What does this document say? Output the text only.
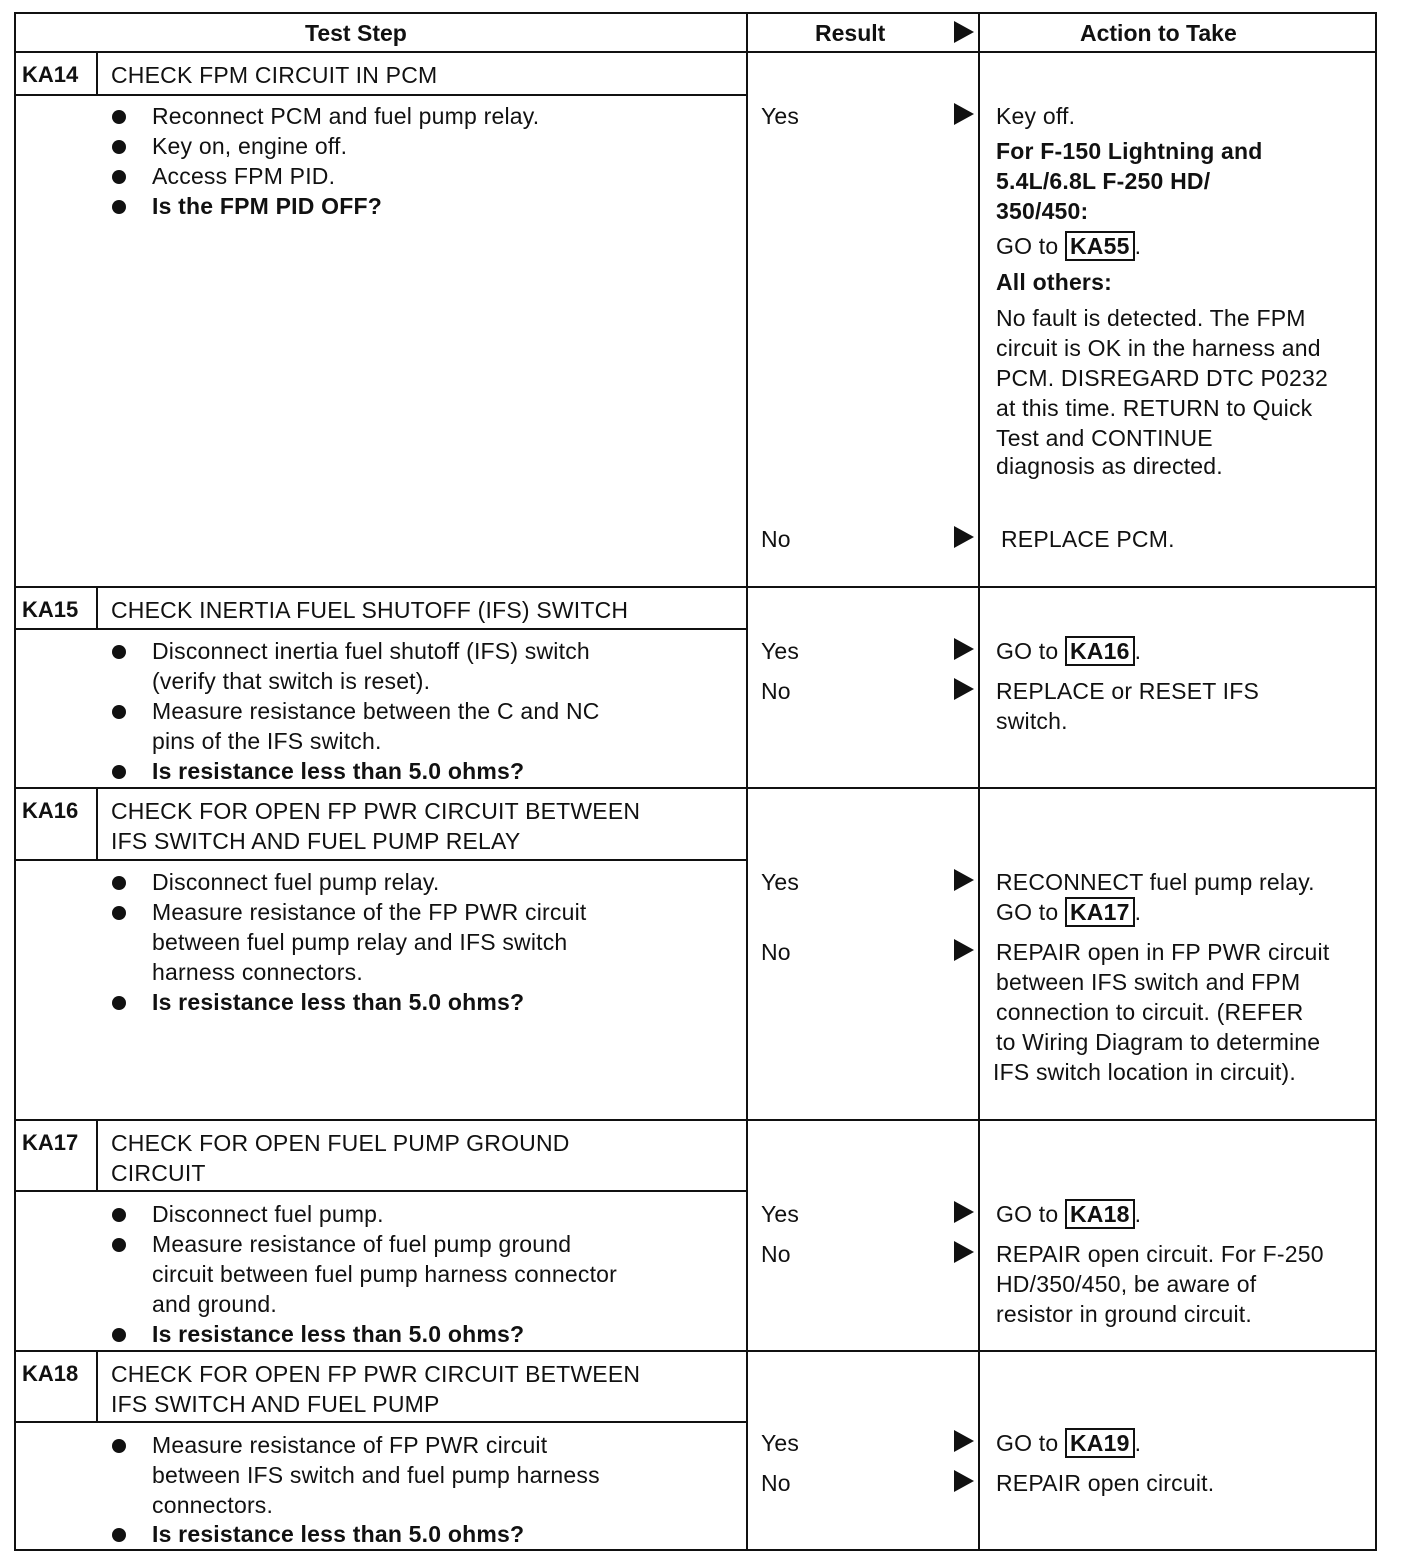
Test Step	Result	Action to Take
KA14 CHECK FPM CIRCUIT IN PCM
Reconnect PCM and fuel pump relay.
Key on, engine off.
Access FPM PID.
Is the FPM PID OFF?
Yes	Key off.
For F-150 Lightning and
5.4L/6.8L F-250 HD/
350/450:
GO to KA55 .
All others:
No fault is detected. The FPM
circuit is OK in the harness and
PCM. DISREGARD DTC P0232
at this time. RETURN to Quick
Test and CONTINUE
diagnosis as directed.
No	REPLACE PCM.
KA15 CHECK INERTIA FUEL SHUTOFF (IFS) SWITCH
Disconnect inertia fuel shutoff (IFS) switch
(verify that switch is reset).
Measure resistance between the C and NC
pins of the IFS switch.
Is resistance less than 5.0 ohms?
Yes	GO to KA16 .
No	REPLACE or RESET IFS
switch.
KA16 CHECK FOR OPEN FP PWR CIRCUIT BETWEEN
IFS SWITCH AND FUEL PUMP RELAY
Disconnect fuel pump relay.
Measure resistance of the FP PWR circuit
between fuel pump relay and IFS switch
harness connectors.
Is resistance less than 5.0 ohms?
Yes	RECONNECT fuel pump relay.
GO to KA17 .
No	REPAIR open in FP PWR circuit
between IFS switch and FPM
connection to circuit. (REFER
to Wiring Diagram to determine
IFS switch location in circuit).
KA17 CHECK FOR OPEN FUEL PUMP GROUND
CIRCUIT
Disconnect fuel pump.
Measure resistance of fuel pump ground
circuit between fuel pump harness connector
and ground.
Is resistance less than 5.0 ohms?
Yes	GO to KA18 .
No	REPAIR open circuit. For F-250
HD/350/450, be aware of
resistor in ground circuit.
KA18 CHECK FOR OPEN FP PWR CIRCUIT BETWEEN
IFS SWITCH AND FUEL PUMP
Measure resistance of FP PWR circuit
between IFS switch and fuel pump harness
connectors.
Is resistance less than 5.0 ohms?
Yes	GO to KA19 .
No	REPAIR open circuit.
